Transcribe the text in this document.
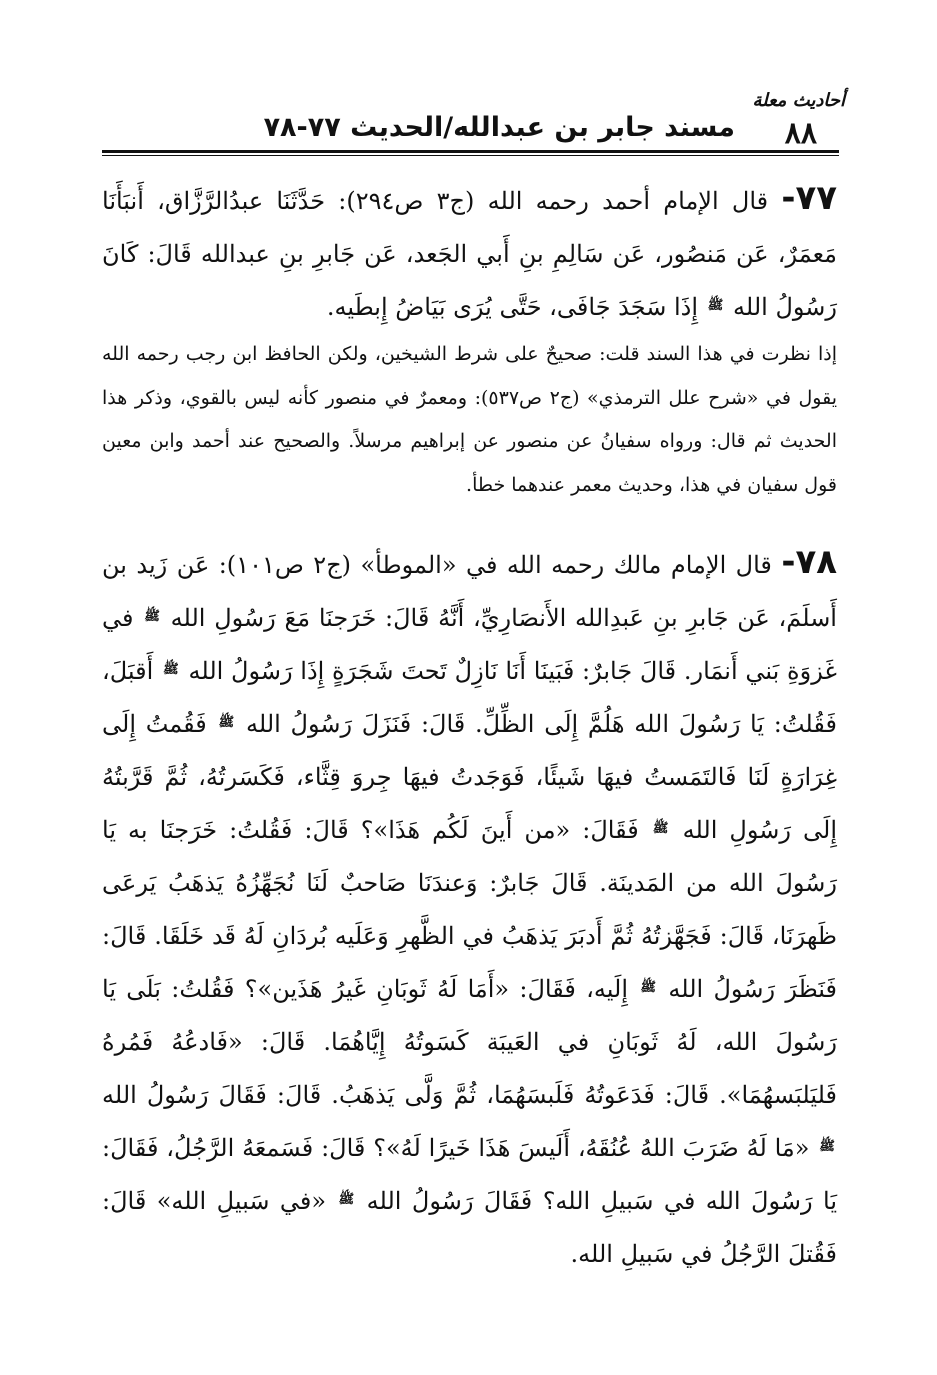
أحاديث معلة
٨٨
مسند جابر بن عبدالله/الحديث ٧٧-٧٨
٧٧- قال الإمام أحمد رحمه الله (ج٣ ص٢٩٤): حَدَّثَنَا عبدُالرَّزَّاق، أَنبَأَنَا مَعمَرٌ، عَن مَنصُور، عَن سَالِمِ بنِ أَبي الجَعد، عَن جَابرِ بنِ عبدالله قَالَ: كَانَ رَسُولُ الله ﷺ إِذَا سَجَدَ جَافَى، حَتَّى يُرَى بَيَاضُ إِبطَيه.
إذا نظرت في هذا السند قلت: صحيحٌ على شرط الشيخين، ولكن الحافظ ابن رجب رحمه الله يقول في «شرح علل الترمذي» (ج٢ ص٥٣٧): ومعمرٌ في منصور كأنه ليس بالقوي، وذكر هذا الحديث ثم قال: ورواه سفيانُ عن منصور عن إبراهيم مرسلاً. والصحيح عند أحمد وابن معين قول سفيان في هذا، وحديث معمر عندهما خطأ.
٧٨- قال الإمام مالك رحمه الله في «الموطأ» (ج٢ ص١٠١): عَن زَيد بن أَسلَمَ، عَن جَابرِ بنِ عَبدِالله الأَنصَارِيِّ، أَنَّهُ قَالَ: خَرَجنَا مَعَ رَسُولِ الله ﷺ في غَزوَةِ بَني أَنمَار. قَالَ جَابرٌ: فَبَينَا أَنَا نَازِلٌ تَحتَ شَجَرَةٍ إِذَا رَسُولُ الله ﷺ أَقبَلَ، فَقُلتُ: يَا رَسُولَ الله هَلُمَّ إِلَى الظِّلِّ. قَالَ: فَنَزَلَ رَسُولُ الله ﷺ فَقُمتُ إِلَى غِرَارَةٍ لَنَا فَالتَمَستُ فيهَا شَيئًا، فَوَجَدتُ فيهَا جِروَ قِثَّاء، فَكَسَرتُهُ، ثُمَّ قَرَّبتُهُ إِلَى رَسُولِ الله ﷺ فَقَالَ: «من أَينَ لَكُم هَذَا»؟ قَالَ: فَقُلتُ: خَرَجنَا به يَا رَسُولَ الله من المَدينَة. قَالَ جَابرٌ: وَعندَنَا صَاحبٌ لَنَا نُجَهِّزُهُ يَذهَبُ يَرعَى ظَهرَنَا، قَالَ: فَجَهَّزتُهُ ثُمَّ أَدبَرَ يَذهَبُ في الظَّهرِ وَعَلَيه بُردَانِ لَهُ قَد خَلَقَا. قَالَ: فَنَظَرَ رَسُولُ الله ﷺ إِلَيه، فَقَالَ: «أَمَا لَهُ ثَوبَانِ غَيرُ هَذَين»؟ فَقُلتُ: بَلَى يَا رَسُولَ الله، لَهُ ثَوبَانِ في العَيبَة كَسَوتُهُ إِيَّاهُمَا. قَالَ: «فَادعُهُ فَمُرهُ فَليَلبَسهُمَا». قَالَ: فَدَعَوتُهُ فَلَبسَهُمَا، ثُمَّ وَلَّى يَذهَبُ. قَالَ: فَقَالَ رَسُولُ الله ﷺ «مَا لَهُ ضَرَبَ اللهُ عُنُقَهُ، أَلَيسَ هَذَا خَيرًا لَهُ»؟ قَالَ: فَسَمعَهُ الرَّجُلُ، فَقَالَ: يَا رَسُولَ الله في سَبيلِ الله؟ فَقَالَ رَسُولُ الله ﷺ «في سَبيلِ الله» قَالَ: فَقُتلَ الرَّجُلُ في سَبيلِ الله.
